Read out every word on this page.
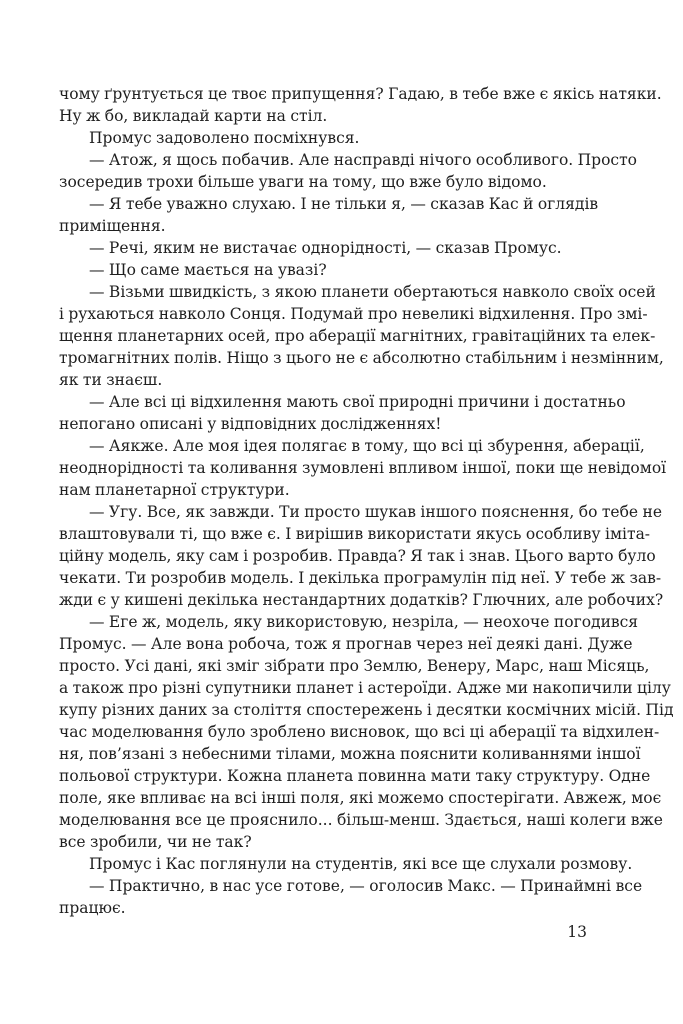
чому ґрунтується це твоє припущення? Гадаю, в тебе вже є якісь натяки.
Ну ж бо, викладай карти на стіл.
Промус задоволено посміхнувся.
— Атож, я щось побачив. Але насправді нічого особливого. Просто
зосередив трохи більше уваги на тому, що вже було відомо.
— Я тебе уважно слухаю. І не тільки я, — сказав Кас й оглядів
приміщення.
— Речі, яким не вистачає однорідності, — сказав Промус.
— Що саме мається на увазі?
— Візьми швидкість, з якою планети обертаються навколо своїх осей
і рухаються навколо Сонця. Подумай про невеликі відхилення. Про змі-
щення планетарних осей, про аберації магнітних, гравітаційних та елек-
тромагнітних полів. Ніщо з цього не є абсолютно стабільним і незмінним,
як ти знаєш.
— Але всі ці відхилення мають свої природні причини і достатньо
непогано описані у відповідних дослідженнях!
— Аякже. Але моя ідея полягає в тому, що всі ці збурення, аберації,
неоднорідності та коливання зумовлені впливом іншої, поки ще невідомої
нам планетарної структури.
— Угу. Все, як завжди. Ти просто шукав іншого пояснення, бо тебе не
влаштовували ті, що вже є. І вирішив використати якусь особливу іміта-
ційну модель, яку сам і розробив. Правда? Я так і знав. Цього варто було
чекати. Ти розробив модель. І декілька програмулін під неї. У тебе ж зав-
жди є у кишені декілька нестандартних додатків? Глючних, але робочих?
— Еге ж, модель, яку використовую, незріла, — неохоче погодився
Промус. — Але вона робоча, тож я прогнав через неї деякі дані. Дуже
просто. Усі дані, які зміг зібрати про Землю, Венеру, Марс, наш Місяць,
а також про різні супутники планет і астероїди. Адже ми накопичили цілу
купу різних даних за століття спостережень і десятки космічних місій. Під
час моделювання було зроблено висновок, що всі ці аберації та відхилен-
ня, пов’язані з небесними тілами, можна пояснити коливаннями іншої
польової структури. Кожна планета повинна мати таку структуру. Одне
поле, яке впливає на всі інші поля, які можемо спостерігати. Авжеж, моє
моделювання все це прояснило... більш-менш. Здається, наші колеги вже
все зробили, чи не так?
Промус і Кас поглянули на студентів, які все ще слухали розмову.
— Практично, в нас усе готове, — оголосив Макс. — Принаймні все
працює.
13
